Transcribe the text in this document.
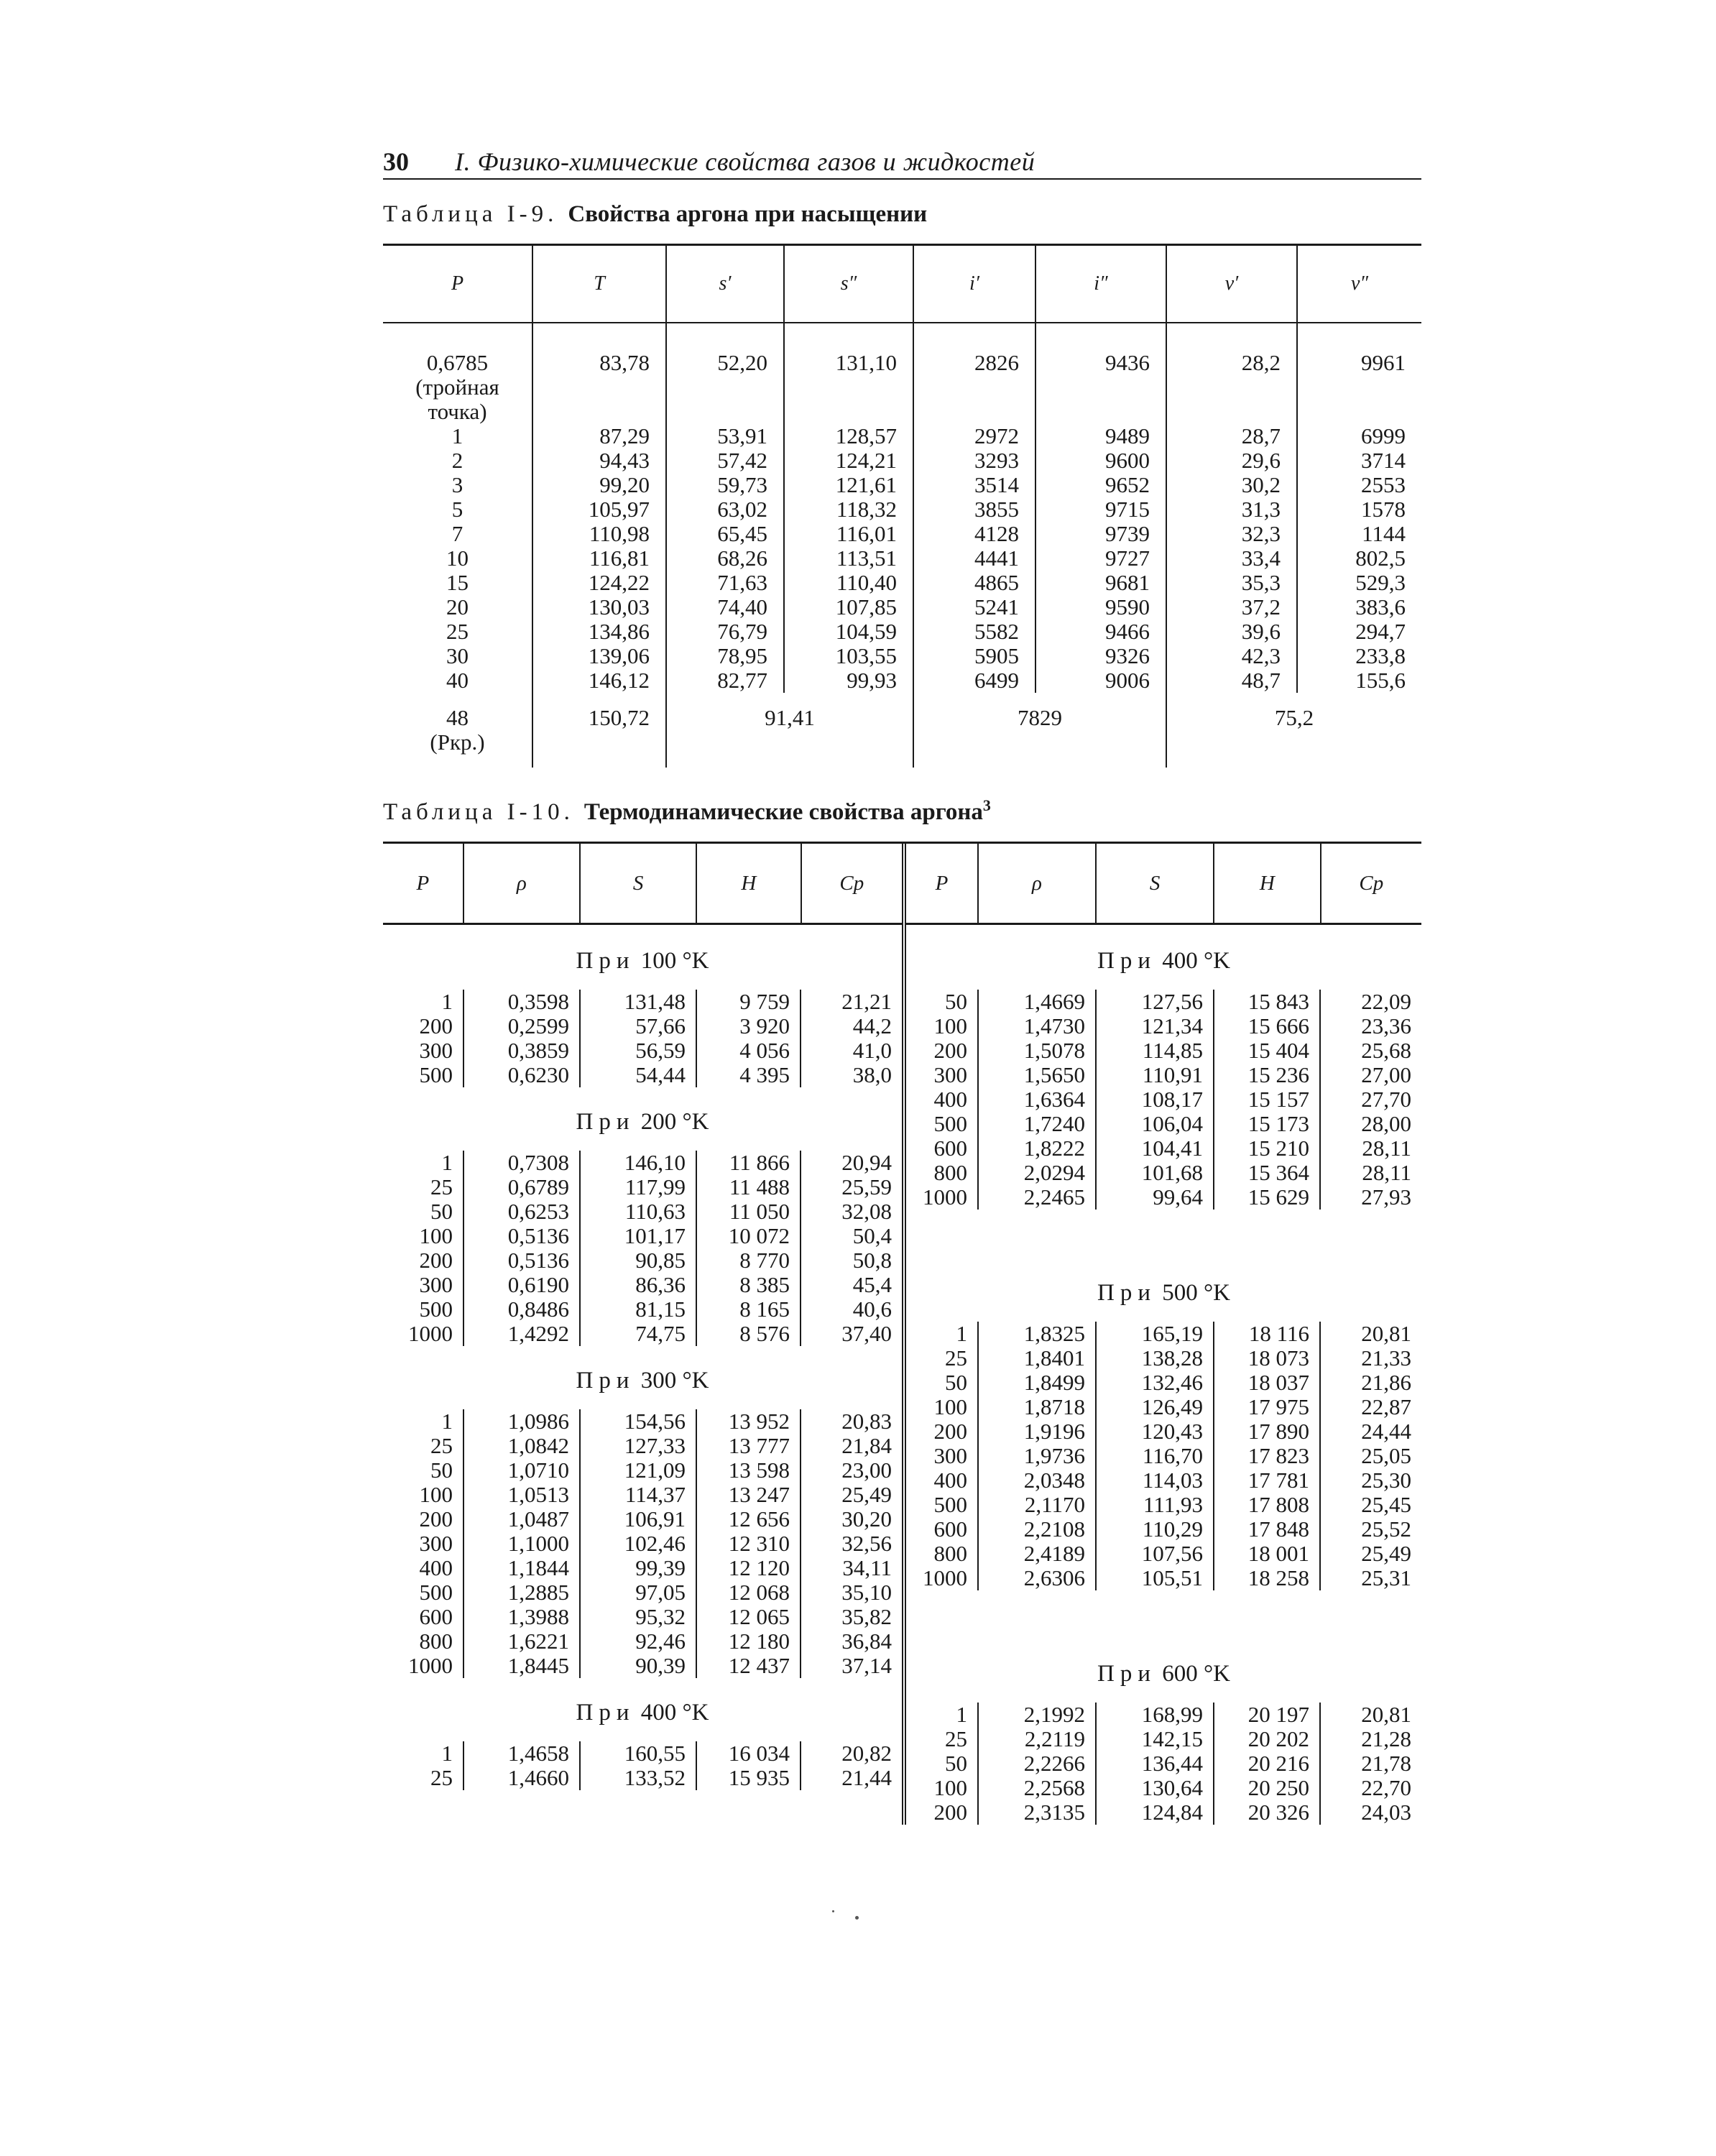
30 I. Физико-химические свойства газов и жидкостей
Таблица I-9. Свойства аргона при насыщении
P	T	s′	s″	i′	i″	v′	v″

0,6785
(тройная
точка)	83,78	52,20	131,10	2826	9436	28,2	9961
1	87,29	53,91	128,57	2972	9489	28,7	6999
2	94,43	57,42	124,21	3293	9600	29,6	3714
3	99,20	59,73	121,61	3514	9652	30,2	2553
5	105,97	63,02	118,32	3855	9715	31,3	1578
7	110,98	65,45	116,01	4128	9739	32,3	1144
10	116,81	68,26	113,51	4441	9727	33,4	802,5
15	124,22	71,63	110,40	4865	9681	35,3	529,3
20	130,03	74,40	107,85	5241	9590	37,2	383,6
25	134,86	76,79	104,59	5582	9466	39,6	294,7
30	139,06	78,95	103,55	5905	9326	42,3	233,8
40	146,12	82,77	99,93	6499	9006	48,7	155,6

48
(Pкр.)	150,72	91,41		7829		75,2	
Таблица I-10. Термодинамические свойства аргона$^3$
P	ρ	S	H	Cp
При 100 °K
1	0,3598	131,48	9 759	21,21
200	0,2599	57,66	3 920	44,2
300	0,3859	56,59	4 056	41,0
500	0,6230	54,44	4 395	38,0
При 200 °K
1	0,7308	146,10	11 866	20,94
25	0,6789	117,99	11 488	25,59
50	0,6253	110,63	11 050	32,08
100	0,5136	101,17	10 072	50,4
200	0,5136	90,85	8 770	50,8
300	0,6190	86,36	8 385	45,4
500	0,8486	81,15	8 165	40,6
1000	1,4292	74,75	8 576	37,40
При 300 °K
1	1,0986	154,56	13 952	20,83
25	1,0842	127,33	13 777	21,84
50	1,0710	121,09	13 598	23,00
100	1,0513	114,37	13 247	25,49
200	1,0487	106,91	12 656	30,20
300	1,1000	102,46	12 310	32,56
400	1,1844	99,39	12 120	34,11
500	1,2885	97,05	12 068	35,10
600	1,3988	95,32	12 065	35,82
800	1,6221	92,46	12 180	36,84
1000	1,8445	90,39	12 437	37,14
При 400 °K
1	1,4658	160,55	16 034	20,82
25	1,4660	133,52	15 935	21,44
P	ρ	S	H	Cp
При 400 °K
50	1,4669	127,56	15 843	22,09
100	1,4730	121,34	15 666	23,36
200	1,5078	114,85	15 404	25,68
300	1,5650	110,91	15 236	27,00
400	1,6364	108,17	15 157	27,70
500	1,7240	106,04	15 173	28,00
600	1,8222	104,41	15 210	28,11
800	2,0294	101,68	15 364	28,11
1000	2,2465	99,64	15 629	27,93
При 500 °K
1	1,8325	165,19	18 116	20,81
25	1,8401	138,28	18 073	21,33
50	1,8499	132,46	18 037	21,86
100	1,8718	126,49	17 975	22,87
200	1,9196	120,43	17 890	24,44
300	1,9736	116,70	17 823	25,05
400	2,0348	114,03	17 781	25,30
500	2,1170	111,93	17 808	25,45
600	2,2108	110,29	17 848	25,52
800	2,4189	107,56	18 001	25,49
1000	2,6306	105,51	18 258	25,31
При 600 °K
1	2,1992	168,99	20 197	20,81
25	2,2119	142,15	20 202	21,28
50	2,2266	136,44	20 216	21,78
100	2,2568	130,64	20 250	22,70
200	2,3135	124,84	20 326	24,03
